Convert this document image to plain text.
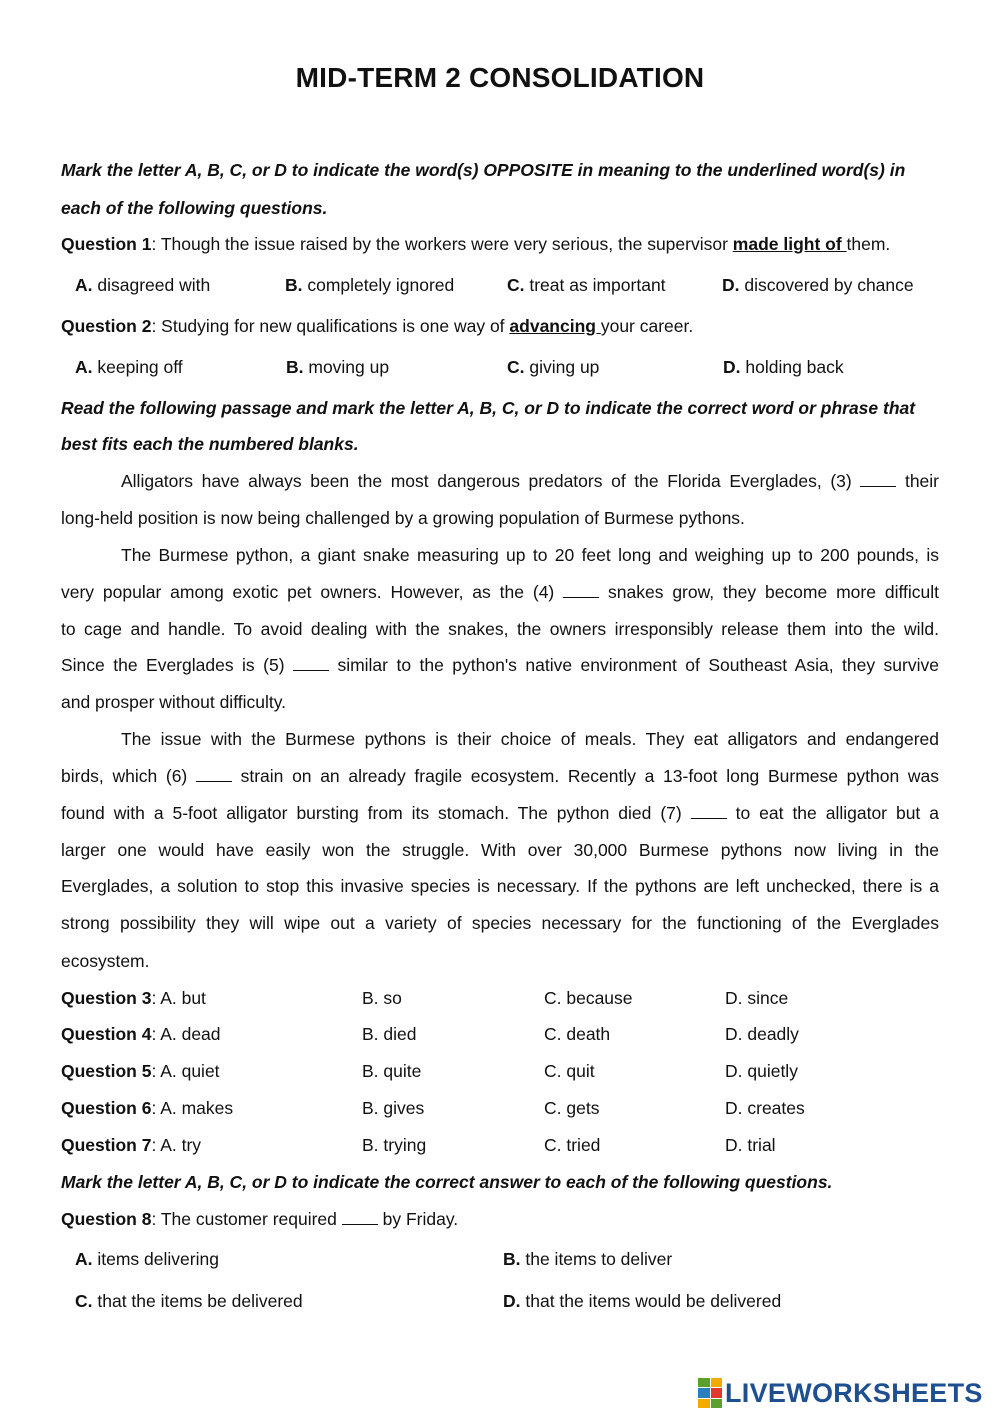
MID-TERM 2 CONSOLIDATION
Mark the letter A, B, C, or D to indicate the word(s) OPPOSITE in meaning to the underlined word(s) in
each of the following questions.
Question 1: Though the issue raised by the workers were very serious, the supervisor made light of them.
A. disagreed with	B. completely ignored	C. treat as important	D. discovered by chance
Question 2: Studying for new qualifications is one way of advancing your career.
A. keeping off	B. moving up	C. giving up	D. holding back
Read the following passage and mark the letter A, B, C, or D to indicate the correct word or phrase that
best fits each the numbered blanks.
Alligators have always been the most dangerous predators of the Florida Everglades, (3)  their
long-held position is now being challenged by a growing population of Burmese pythons.
The Burmese python, a giant snake measuring up to 20 feet long and weighing up to 200 pounds, is
very popular among exotic pet owners. However, as the (4)  snakes grow, they become more difficult
to cage and handle. To avoid dealing with the snakes, the owners irresponsibly release them into the wild.
Since the Everglades is (5)  similar to the python's native environment of Southeast Asia, they survive
and prosper without difficulty.
The issue with the Burmese pythons is their choice of meals. They eat alligators and endangered
birds, which (6)  strain on an already fragile ecosystem. Recently a 13-foot long Burmese python was
found with a 5-foot alligator bursting from its stomach. The python died (7)  to eat the alligator but a
larger one would have easily won the struggle. With over 30,000 Burmese pythons now living in the
Everglades, a solution to stop this invasive species is necessary. If the pythons are left unchecked, there is a
strong possibility they will wipe out a variety of species necessary for the functioning of the Everglades
ecosystem.
Question 3: A. but	B. so	C. because	D. since
Question 4: A. dead	B. died	C. death	D. deadly
Question 5: A. quiet	B. quite	C. quit	D. quietly
Question 6: A. makes	B. gives	C. gets	D. creates
Question 7: A. try	B. trying	C. tried	D. trial
Mark the letter A, B, C, or D to indicate the correct answer to each of the following questions.
Question 8: The customer required  by Friday.
A. items delivering	B. the items to deliver
C. that the items be delivered	D. that the items would be delivered
LIVEWORKSHEETS
